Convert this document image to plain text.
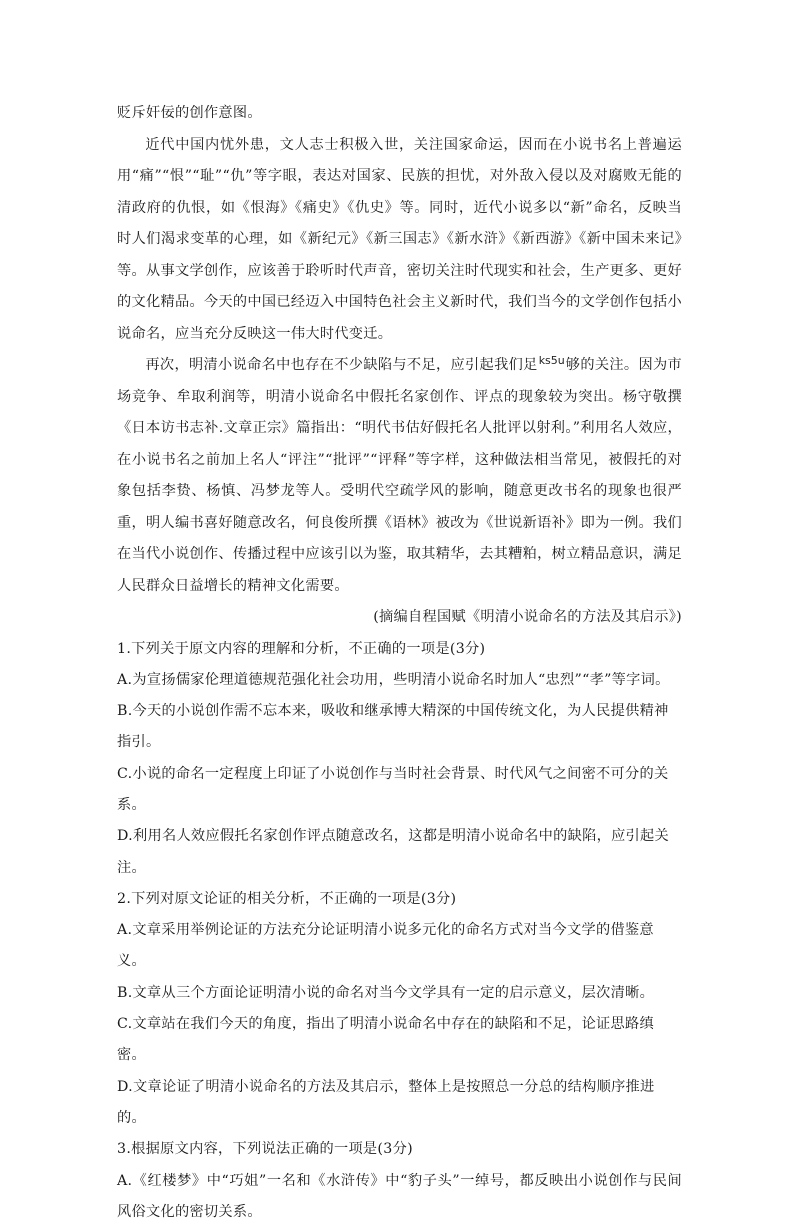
贬斥奸佞的创作意图。

近代中国内忧外患，文人志士积极入世，关注国家命运，因而在小说书名上普遍运用“痛”“恨”“耻”“仇”等字眼，表达对国家、民族的担忧，对外敌入侵以及对腐败无能的清政府的仇恨，如《恨海》《痛史》《仇史》等。同时，近代小说多以“新”命名，反映当时人们渴求变革的心理，如《新纪元》《新三国志》《新水浒》《新西游》《新中国未来记》等。从事文学创作，应该善于聆听时代声音，密切关注时代现实和社会，生产更多、更好的文化精品。今天的中国已经迈入中国特色社会主义新时代，我们当今的文学创作包括小说命名，应当充分反映这一伟大时代变迁。

再次，明清小说命名中也存在不少缺陷与不足，应引起我们足$^{ks5u}$够的关注。因为市场竞争、牟取利润等，明清小说命名中假托名家创作、评点的现象较为突出。杨守敬撰《日本访书志补.文章正宗》篇指出：“明代书估好假托名人批评以射利。”利用名人效应，在小说书名之前加上名人“评注”“批评”“评释”等字样，这种做法相当常见，被假托的对象包括李贽、杨慎、冯梦龙等人。受明代空疏学风的影响，随意更改书名的现象也很严重，明人编书喜好随意改名，何良俊所撰《语林》被改为《世说新语补》即为一例。我们在当代小说创作、传播过程中应该引以为鉴，取其精华，去其糟粕，树立精品意识，满足人民群众日益增长的精神文化需要。

(摘编自程国赋《明清小说命名的方法及其启示》)

1.下列关于原文内容的理解和分析，不正确的一项是(3分)

A.为宣扬儒家伦理道德规范强化社会功用，些明清小说命名时加人“忠烈”“孝”等字词。

B.今天的小说创作需不忘本来，吸收和继承博大精深的中国传统文化，为人民提供精神指引。

C.小说的命名一定程度上印证了小说创作与当时社会背景、时代风气之间密不可分的关系。

D.利用名人效应假托名家创作评点随意改名，这都是明清小说命名中的缺陷，应引起关注。

2.下列对原文论证的相关分析，不正确的一项是(3分)

A.文章采用举例论证的方法充分论证明清小说多元化的命名方式对当今文学的借鉴意义。

B.文章从三个方面论证明清小说的命名对当今文学具有一定的启示意义，层次清晰。

C.文章站在我们今天的角度，指出了明清小说命名中存在的缺陷和不足，论证思路缜密。

D.文章论证了明清小说命名的方法及其启示，整体上是按照总一分总的结构顺序推进的。

3.根据原文内容，下列说法正确的一项是(3分)

A.《红楼梦》中“巧姐”一名和《水浒传》中“豹子头”一绰号，都反映出小说创作与民间风俗文化的密切关系。
